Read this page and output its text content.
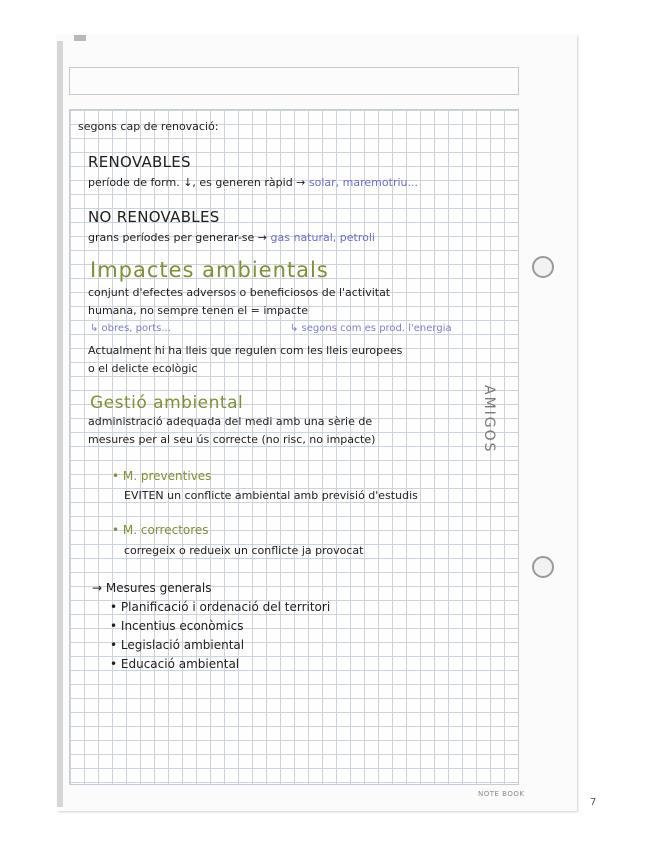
AMIGOS
NOTE BOOK
7
segons cap de renovació:
RENOVABLES
període de form. ↓, es generen ràpid → solar, maremotriu...
NO RENOVABLES
grans períodes per generar-se → gas natural, petroli
Impactes ambientals
conjunt d'efectes adversos o beneficiosos de l'activitat
humana, no sempre tenen el = impacte
↳ obres, ports...	↳ segons com es prod. l'energia
Actualment hi ha lleis que regulen com les lleis europees
o el delicte ecològic
Gestió ambiental
administració adequada del medi amb una sèrie de
mesures per al seu ús correcte (no risc, no impacte)
• M. preventives
EVITEN un conflicte ambiental amb previsió d'estudis
• M. correctores
corregeix o redueix un conflicte ja provocat
→ Mesures generals
• Planificació i ordenació del territori
• Incentius econòmics
• Legislació ambiental
• Educació ambiental
